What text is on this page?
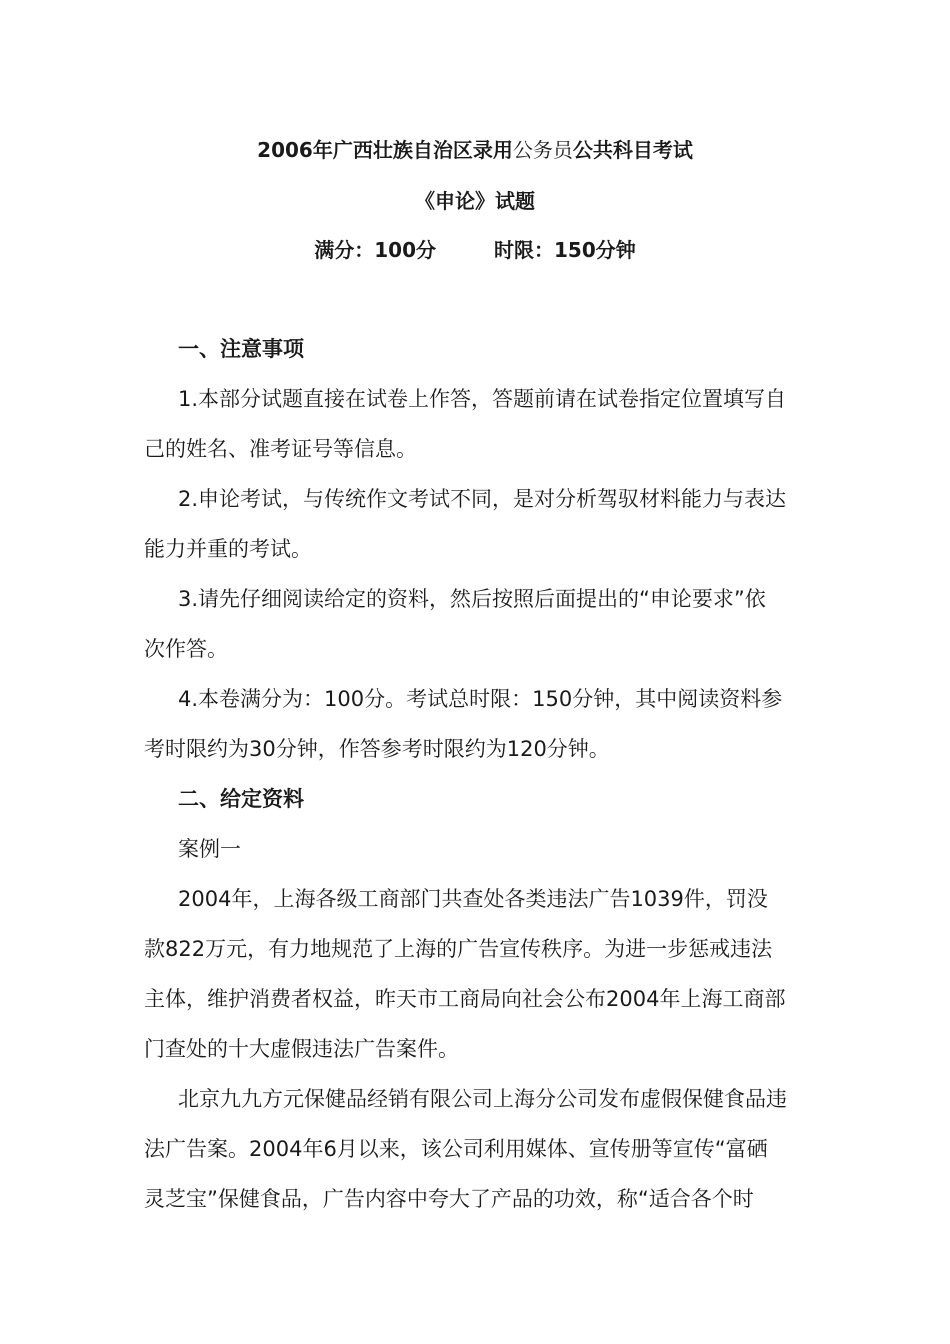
2006年广西壮族自治区录用公务员公共科目考试
《申论》试题
满分：100分	时限：150分钟
一、注意事项
1.本部分试题直接在试卷上作答，答题前请在试卷指定位置填写自
己的姓名、准考证号等信息。
2.申论考试，与传统作文考试不同，是对分析驾驭材料能力与表达
能力并重的考试。
3.请先仔细阅读给定的资料，然后按照后面提出的“申论要求”依
次作答。
4.本卷满分为：100分。考试总时限：150分钟，其中阅读资料参
考时限约为30分钟，作答参考时限约为120分钟。
二、给定资料
案例一
2004年，上海各级工商部门共查处各类违法广告1039件，罚没
款822万元，有力地规范了上海的广告宣传秩序。为进一步惩戒违法
主体，维护消费者权益，昨天市工商局向社会公布2004年上海工商部
门查处的十大虚假违法广告案件。
北京九九方元保健品经销有限公司上海分公司发布虚假保健食品违
法广告案。2004年6月以来，该公司利用媒体、宣传册等宣传“富硒
灵芝宝”保健食品，广告内容中夸大了产品的功效，称“适合各个时
